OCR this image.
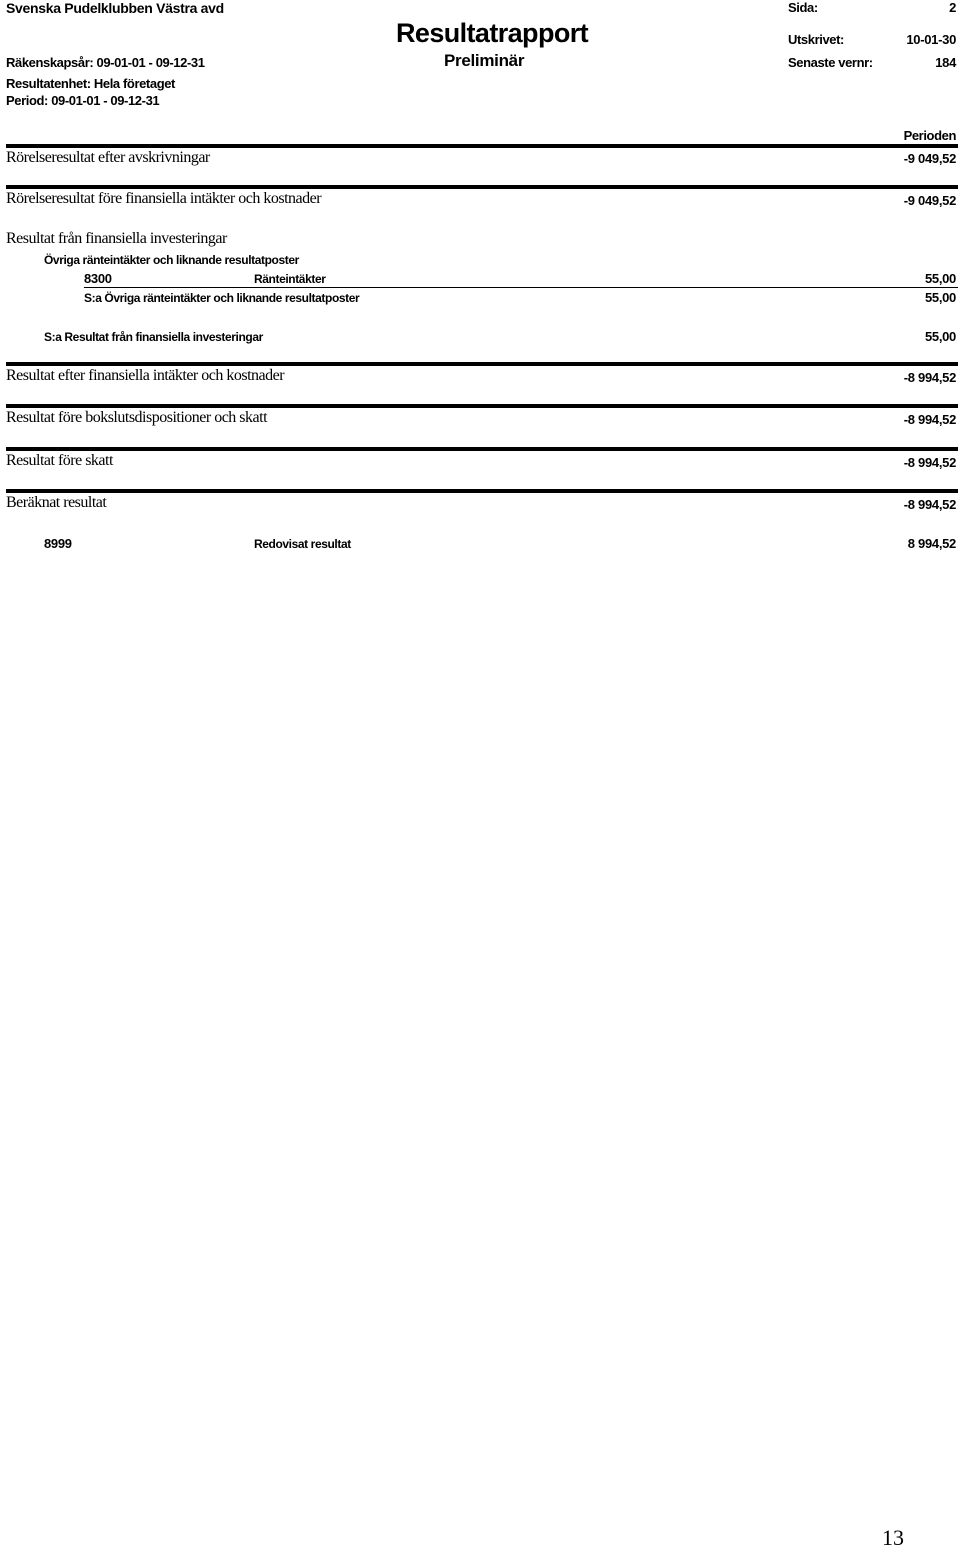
Svenska Pudelklubben Västra avd
Räkenskapsår: 09-01-01 - 09-12-31
Resultatenhet: Hela företaget
Period: 09-01-01 - 09-12-31
Resultatrapport
Preliminär
Sida:	2
Utskrivet:	10-01-30
Senaste vernr:	184
Perioden
Rörelseresultat efter avskrivningar	-9 049,52
Rörelseresultat före finansiella intäkter och kostnader	-9 049,52
Resultat från finansiella investeringar
Övriga ränteintäkter och liknande resultatposter
8300	Ränteintäkter	55,00
S:a Övriga ränteintäkter och liknande resultatposter	55,00
S:a Resultat från finansiella investeringar	55,00
Resultat efter finansiella intäkter och kostnader	-8 994,52
Resultat före bokslutsdispositioner och skatt	-8 994,52
Resultat före skatt	-8 994,52
Beräknat resultat	-8 994,52
8999	Redovisat resultat	8 994,52
13
